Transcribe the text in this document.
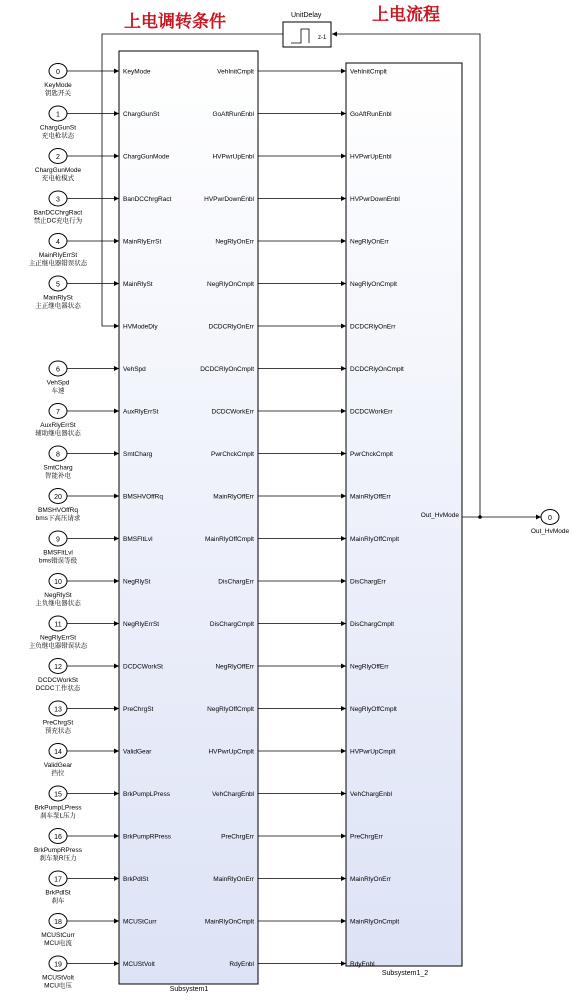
上电调转条件	上电流程
UnitDelay
Subsystem1
Subsystem1_2
KeyMode
ChargGunSt
ChargGunMode
BanDCChrgRact
MainRlyErrSt
MainRlySt
HVModeDly
VehSpd
AuxRlyErrSt
SmtCharg
BMSHVOffRq
BMSFltLvl
NegRlySt
NegRlyErrSt
DCDCWorkSt
PreChrgSt
ValidGear
BrkPumpLPress
BrkPumpRPress
BrkPdlSt
MCUStCurr
MCUStVolt
VehInitCmplt
GoAftRunEnbl
HVPwrUpEnbl
HVPwrDownEnbl
NegRlyOnErr
NegRlyOnCmplt
DCDCRlyOnErr
DCDCRlyOnCmplt
DCDCWorkErr
PwrChckCmplt
MainRlyOffErr
MainRlyOffCmplt
DisChargErr
DisChargCmplt
NegRlyOffErr
NegRlyOffCmplt
HVPwrUpCmplt
VehChargEnbl
PreChrgErr
MainRlyOnErr
MainRlyOnCmplt
RdyEnbl
VehInitCmplt
GoAftRunEnbl
HVPwrUpEnbl
HVPwrDownEnbl
NegRlyOnErr
NegRlyOnCmplt
DCDCRlyOnErr
DCDCRlyOnCmplt
DCDCWorkErr
PwrChckCmplt
MainRlyOffErr
MainRlyOffCmplt
DisChargErr
DisChargCmplt
NegRlyOffErr
NegRlyOffCmplt
HVPwrUpCmplt
VehChargEnbl
PreChrgErr
MainRlyOnErr
MainRlyOnCmplt
RdyEnbl
Out_HvMode
0
KeyMode
钥匙开关
1
ChargGunSt
充电枪状态
2
ChargGunMode
充电枪模式
3
BanDCChrgRact
禁止DC充电行为
4
MainRlyErrSt
主正继电器错误状态
5
MainRlySt
主正继电器状态
6
VehSpd
车速
7
AuxRlyErrSt
辅助继电器状态
8
SmtCharg
智能补电
20
BMSHVOffRq
bms下高压请求
9
BMSFltLvl
bms错误等级
10
NegRlySt
主负继电器状态
11
NegRlyErrSt
主负继电器错误状态
12
DCDCWorkSt
DCDC工作状态
13
PreChrgSt
预充状态
14
ValidGear
挡位
15
BrkPumpLPress
刹车泵L压力
16
BrkPumpRPress
刹车泵R压力
17
BrkPdlSt
刹车
18
MCUStCurr
MCU电流
19
MCUStVolt
MCU电压
z-1
0
Out_HvMode
